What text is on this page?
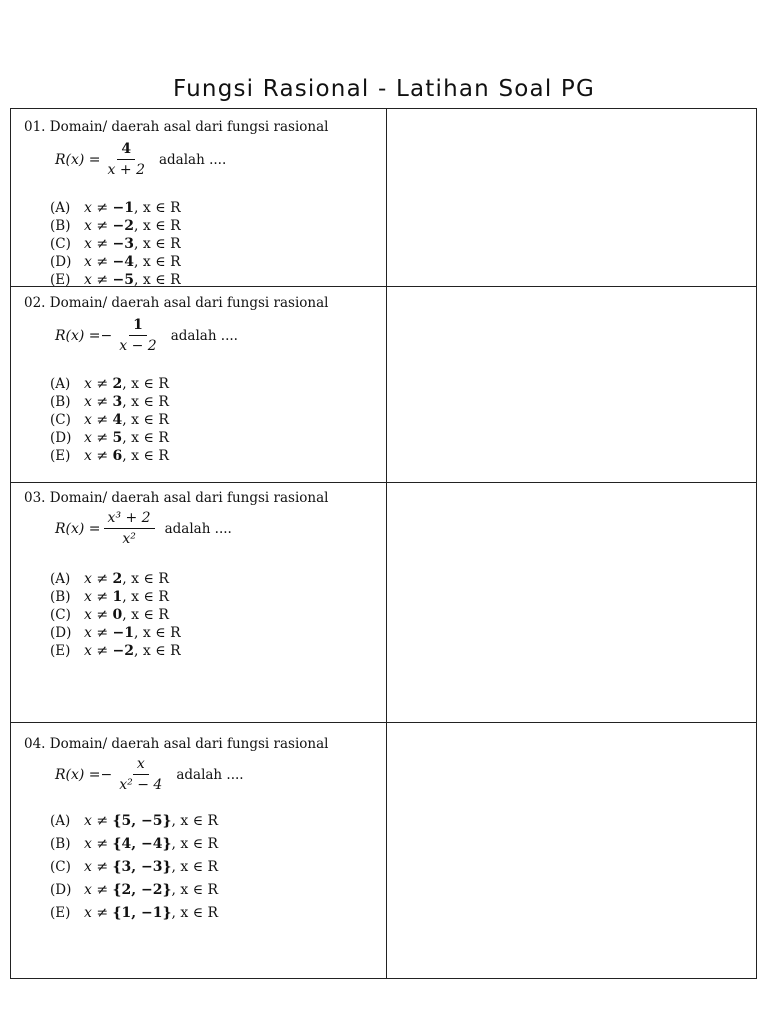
Fungsi Rasional - Latihan Soal PG
01. Domain/ daerah asal dari fungsi rasional
$R(x) = \frac{4}{x + 2}$ adalah ....
(A) x ≠ −1, x ∈ R
(B) x ≠ −2, x ∈ R
(C) x ≠ −3, x ∈ R
(D) x ≠ −4, x ∈ R
(E) x ≠ −5, x ∈ R
02. Domain/ daerah asal dari fungsi rasional
R(x) = − $\frac{1}{x - 2}$ adalah ....
(A) x ≠ 2, x ∈ R
(B) x ≠ 3, x ∈ R
(C) x ≠ 4, x ∈ R
(D) x ≠ 5, x ∈ R
(E) x ≠ 6, x ∈ R
03. Domain/ daerah asal dari fungsi rasional
$R(x) = \frac{\text{x³ + 2}}{\text{x²}}$ adalah ....
(A) x ≠ 2, x ∈ R
(B) x ≠ 1, x ∈ R
(C) x ≠ 0, x ∈ R
(D) x ≠ −1, x ∈ R
(E) x ≠ −2, x ∈ R
04. Domain/ daerah asal dari fungsi rasional
R(x) = − $\frac{x}{\text{x² − 4}}$ adalah ....
(A) x ≠ {5, −5}, x ∈ R
(B) x ≠ {4, −4}, x ∈ R
(C) x ≠ {3, −3}, x ∈ R
(D) x ≠ {2, −2}, x ∈ R
(E) x ≠ {1, −1}, x ∈ R
